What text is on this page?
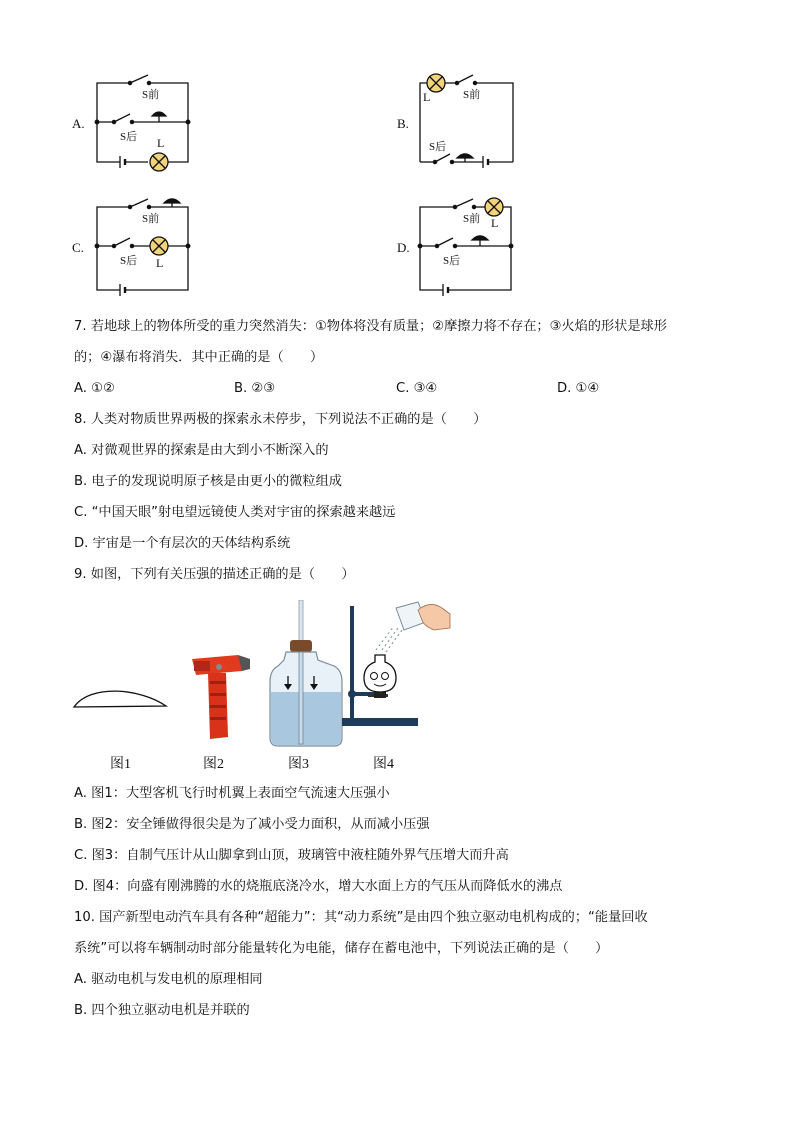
A.
S前
S后 L
B.
L	S前
S后
C.
S前
S后 L
D.
S前 L
S后
7. 若地球上的物体所受的重力突然消失：①物体将没有质量；②摩擦力将不存在；③火焰的形状是球形
的；④瀑布将消失．其中正确的是（　　）
A. ①②	B. ②③	C. ③④	D. ①④
8. 人类对物质世界两极的探索永未停步，下列说法不正确的是（　　）
A. 对微观世界的探索是由大到小不断深入的
B. 电子的发现说明原子核是由更小的微粒组成
C. “中国天眼”射电望远镜使人类对宇宙的探索越来越远
D. 宇宙是一个有层次的天体结构系统
9. 如图，下列有关压强的描述正确的是（　　）
图1	图2	图3	图4
A. 图1：大型客机飞行时机翼上表面空气流速大压强小
B. 图2：安全锤做得很尖是为了减小受力面积，从而减小压强
C. 图3：自制气压计从山脚拿到山顶，玻璃管中液柱随外界气压增大而升高
D. 图4：向盛有刚沸腾的水的烧瓶底浇冷水，增大水面上方的气压从而降低水的沸点
10. 国产新型电动汽车具有各种“超能力”：其“动力系统”是由四个独立驱动电机构成的；“能量回收
系统”可以将车辆制动时部分能量转化为电能，储存在蓄电池中，下列说法正确的是（　　）
A. 驱动电机与发电机的原理相同
B. 四个独立驱动电机是并联的
